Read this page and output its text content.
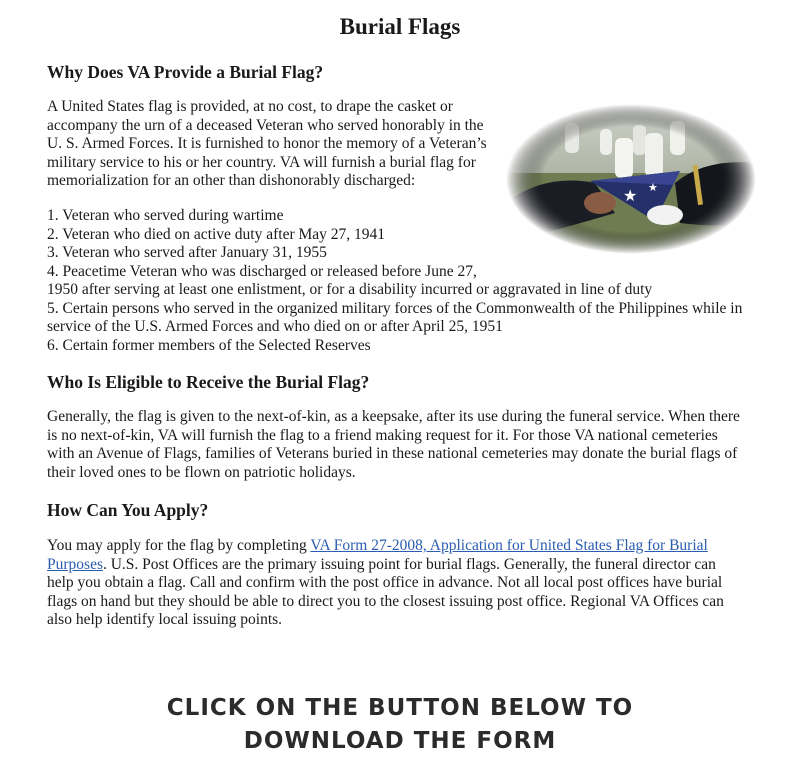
Burial Flags
Why Does VA Provide a Burial Flag?
A United States flag is provided, at no cost, to drape the casket or
accompany the urn of a deceased Veteran who served honorably in the
U. S. Armed Forces. It is furnished to honor the memory of a Veteran’s
military service to his or her country. VA will furnish a burial flag for
memorialization for an other than dishonorably discharged:
1. Veteran who served during wartime
2. Veteran who died on active duty after May 27, 1941
3. Veteran who served after January 31, 1955
4. Peacetime Veteran who was discharged or released before June 27,
1950 after serving at least one enlistment, or for a disability incurred or aggravated in line of duty
5. Certain persons who served in the organized military forces of the Commonwealth of the Philippines while in
service of the U.S. Armed Forces and who died on or after April 25, 1951
6. Certain former members of the Selected Reserves
Who Is Eligible to Receive the Burial Flag?
Generally, the flag is given to the next-of-kin, as a keepsake, after its use during the funeral service. When there
is no next-of-kin, VA will furnish the flag to a friend making request for it. For those VA national cemeteries
with an Avenue of Flags, families of Veterans buried in these national cemeteries may donate the burial flags of
their loved ones to be flown on patriotic holidays.
How Can You Apply?
You may apply for the flag by completing VA Form 27-2008, Application for United States Flag for Burial
Purposes. U.S. Post Offices are the primary issuing point for burial flags. Generally, the funeral director can
help you obtain a flag. Call and confirm with the post office in advance. Not all local post offices have burial
flags on hand but they should be able to direct you to the closest issuing post office. Regional VA Offices can
also help identify local issuing points.
CLICK ON THE BUTTON BELOW TO
DOWNLOAD THE FORM
